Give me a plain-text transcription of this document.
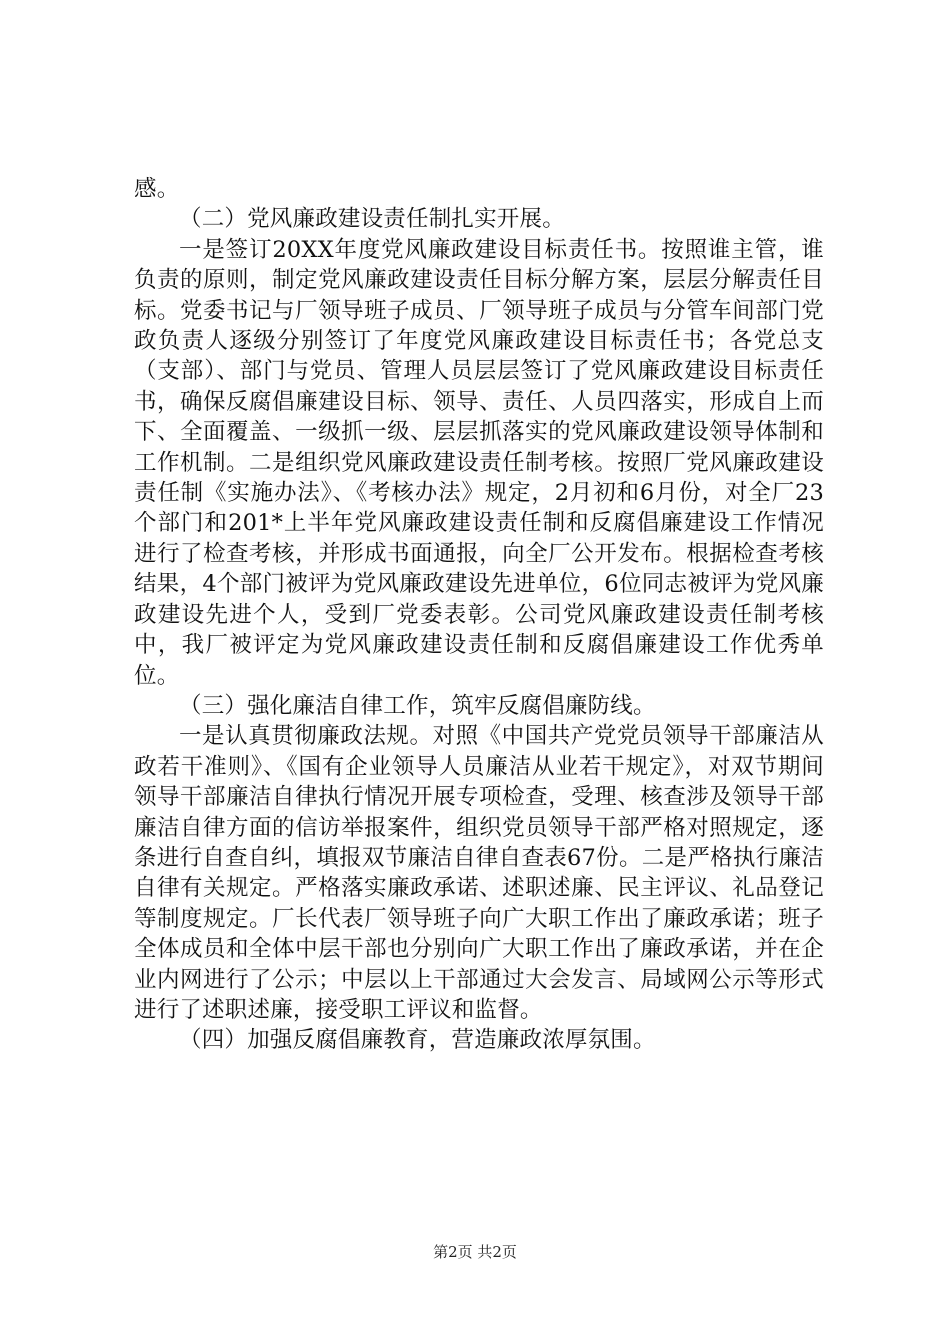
感。

（二）党风廉政建设责任制扎实开展。

一是签订20XX年度党风廉政建设目标责任书。按照谁主管，谁负责的原则，制定党风廉政建设责任目标分解方案，层层分解责任目标。党委书记与厂领导班子成员、厂领导班子成员与分管车间部门党政负责人逐级分别签订了年度党风廉政建设目标责任书；各党总支（支部）、部门与党员、管理人员层层签订了党风廉政建设目标责任书，确保反腐倡廉建设目标、领导、责任、人员四落实，形成自上而下、全面覆盖、一级抓一级、层层抓落实的党风廉政建设领导体制和工作机制。二是组织党风廉政建设责任制考核。按照厂党风廉政建设责任制《实施办法》、《考核办法》规定，2月初和6月份，对全厂23个部门和201*上半年党风廉政建设责任制和反腐倡廉建设工作情况进行了检查考核，并形成书面通报，向全厂公开发布。根据检查考核结果，4个部门被评为党风廉政建设先进单位，6位同志被评为党风廉政建设先进个人，受到厂党委表彰。公司党风廉政建设责任制考核中，我厂被评定为党风廉政建设责任制和反腐倡廉建设工作优秀单位。

（三）强化廉洁自律工作，筑牢反腐倡廉防线。

一是认真贯彻廉政法规。对照《中国共产党党员领导干部廉洁从政若干准则》、《国有企业领导人员廉洁从业若干规定》，对双节期间领导干部廉洁自律执行情况开展专项检查，受理、核查涉及领导干部廉洁自律方面的信访举报案件，组织党员领导干部严格对照规定，逐条进行自查自纠，填报双节廉洁自律自查表67份。二是严格执行廉洁自律有关规定。严格落实廉政承诺、述职述廉、民主评议、礼品登记等制度规定。厂长代表厂领导班子向广大职工作出了廉政承诺；班子全体成员和全体中层干部也分别向广大职工作出了廉政承诺，并在企业内网进行了公示；中层以上干部通过大会发言、局域网公示等形式进行了述职述廉，接受职工评议和监督。

（四）加强反腐倡廉教育，营造廉政浓厚氛围。

第2页 共2页
